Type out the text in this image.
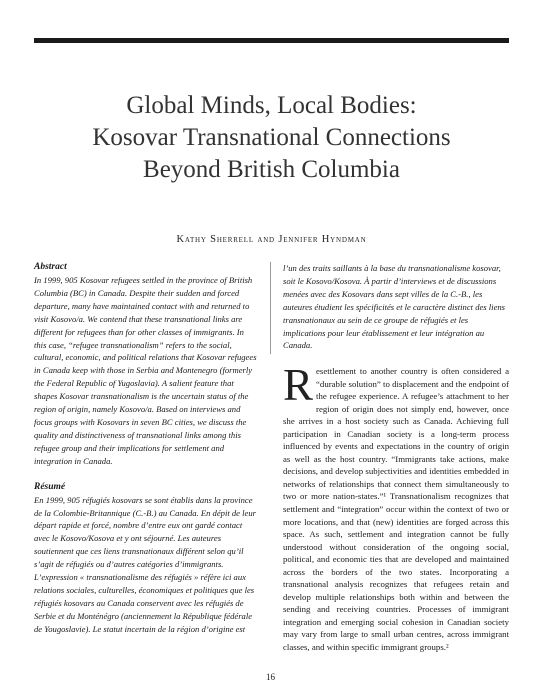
Global Minds, Local Bodies:
Kosovar Transnational Connections
Beyond British Columbia
Kathy Sherrell and Jennifer Hyndman
Abstract

In 1999, 905 Kosovar refugees settled in the province of British Columbia (BC) in Canada. Despite their sudden and forced departure, many have maintained contact with and returned to visit Kosovo/a. We contend that these transnational links are different for refugees than for other classes of immigrants. In this case, “refugee transnationalism” refers to the social, cultural, economic, and political relations that Kosovar refugees in Canada keep with those in Serbia and Montenegro (formerly the Federal Republic of Yugoslavia). A salient feature that shapes Kosovar transnationalism is the uncertain status of the region of origin, namely Kosovo/a. Based on interviews and focus groups with Kosovars in seven BC cities, we discuss the quality and distinctiveness of transnational links among this refugee group and their implications for settlement and integration in Canada.

Résumé

En 1999, 905 réfugiés kosovars se sont établis dans la province de la Colombie-Britannique (C.-B.) au Canada. En dépit de leur départ rapide et forcé, nombre d’entre eux ont gardé contact avec le Kosovo/Kosova et y ont séjourné. Les auteures soutiennent que ces liens transnationaux différent selon qu’il s’agit de réfugiés ou d’autres catégories d’immigrants. L’expression « transnationalisme des réfugiés » réfère ici aux relations sociales, culturelles, économiques et politiques que les réfugiés kosovars au Canada conservent avec les réfugiés de Serbie et du Monténégro (anciennement la République fédérale de Yougoslavie). Le statut incertain de la région d’origine est

l’un des traits saillants à la base du transnationalisme kosovar, soit le Kosovo/Kosova. À partir d’interviews et de discussions menées avec des Kosovars dans sept villes de la C.-B., les auteures étudient les spécificités et le caractère distinct des liens transnationaux au sein de ce groupe de réfugiés et les implications pour leur établissement et leur intégration au Canada.

R esettlement to another country is often considered a “durable solution” to displacement and the endpoint of the refugee experience. A refugee’s attachment to her region of origin does not simply end, however, once she arrives in a host society such as Canada. Achieving full participation in Canadian society is a long-term process influenced by events and expectations in the country of origin as well as the host country. “Immigrants take actions, make decisions, and develop subjectivities and identities embedded in networks of relationships that connect them simultaneously to two or more nation-states.”¹ Transnationalism recognizes that settlement and “integration” occur within the context of two or more locations, and that (new) identities are forged across this space. As such, settlement and integration cannot be fully understood without consideration of the ongoing social, political, and economic ties that are developed and maintained across the borders of the two states. Incorporating a transnational analysis recognizes that refugees retain and develop multiple relationships both within and between the sending and receiving countries. Processes of immigrant integration and emerging social cohesion in Canadian society may vary from large to small urban centres, across immigrant classes, and within specific immigrant groups.²
16
